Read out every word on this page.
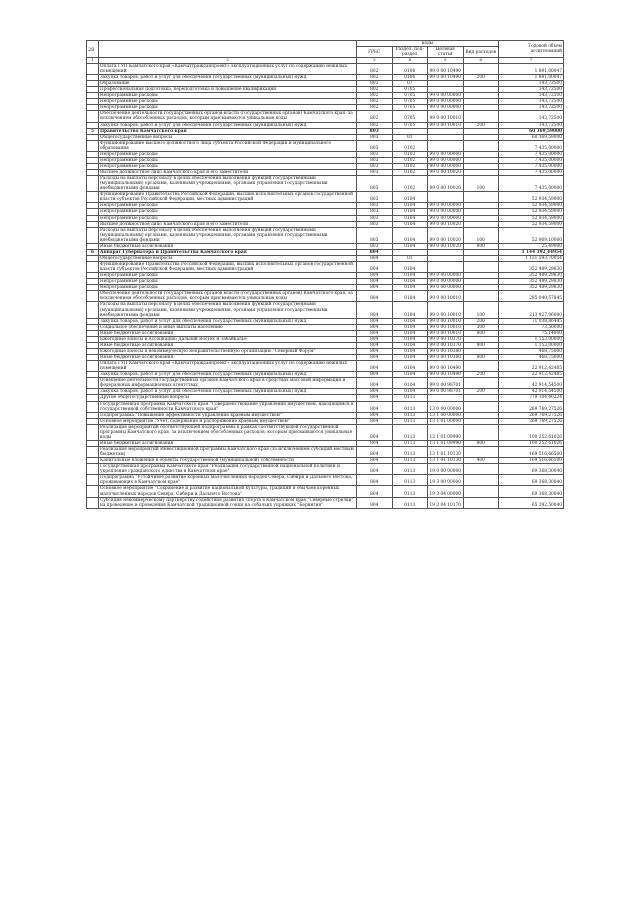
28
		коды				Годовой объем ассигнований
		ГРБС	Раздел, под-раздел	Целевая статья	Вид расходов	
1	2	3	4	5	6	7
	Оплата ГУП Камчатского края «Камчатгражданпроект» эксплуатационных услуг по содержанию нежилых помещений	802	0106	99 0 00 10490		1 891,00047
	Закупка товаров, работ и услуг для обеспечения государственных (муниципальных) нужд	802	0106	99 0 00 10490	200	1 891,00047
	Образование	802	07			143,72500
	Профессиональная подготовка, переподготовка и повышение квалификации	802	0705			143,72500
	Непрограммные расходы	802	0705	99 0 00 00000		143,72500
	Непрограммные расходы	802	0705	99 0 00 00000		143,72500
	Непрограммные расходы	802	0705	99 0 00 00000		143,72500
	Обеспечение деятельности государственных органов власти (государственных органов) Камчатского края, за исключением обособленных расходов, которым присваиваются уникальные коды	802	0705	99 0 00 10010		143,72500
	Закупка товаров, работ и услуг для обеспечения государственных (муниципальных) нужд	802	0705	99 0 00 10010	200	143,72500
5	Правительство Камчатского края	803				60 369,59000
	Общегосударственные вопросы	803	01			60 369,59000
	Функционирование высшего должностного лица субъекта Российской Федерации и муниципального образования	803	0102			7 435,00000
	Непрограммные расходы	803	0102	99 0 00 00000		7 435,00000
	Непрограммные расходы	803	0102	99 0 00 00000		7 435,00000
	Непрограммные расходы	803	0102	99 0 00 00000		7 435,00000
	Высшее должностное лицо Камчатского края и его заместители	803	0102	99 0 00 10020		7 435,00000
	Расходы на выплаты персоналу в целях обеспечения выполнения функций государственными (муниципальными) органами, казенными учреждениями, органами управления государственными внебюджетными фондами	803	0102	99 0 00 10020	100	7 435,00000
	Функционирование Правительства Российской Федерации, высших исполнительных органов государственной власти субъектов Российской Федерации, местных администраций	803	0104			52 934,59000
	Непрограммные расходы	803	0104	99 0 00 00000		52 934,59000
	Непрограммные расходы	803	0104	99 0 00 00000		52 934,59000
	Непрограммные расходы	803	0104	99 0 00 00000		52 934,59000
	Высшее должностное лицо Камчатского края и его заместители	803	0104	99 0 00 10020		52 934,59000
	Расходы на выплаты персоналу в целях обеспечения выполнения функций государственными (муниципальными) органами, казенными учреждениями, органами управления государственными внебюджетными фондами	803	0104	99 0 00 10020	100	52 909,10000
	Иные бюджетные ассигнования	803	0104	99 0 00 10020	800	25,49000
6	Аппарат Губернатора и Правительства Камчатского края	804				1 144 392,44954
	Общегосударственные вопросы	804	01			1 131 593,70054
	Функционирование Правительства Российской Федерации, высших исполнительных органов государственной власти субъектов Российской Федерации, местных администраций	804	0104			352 489,29830
	Непрограммные расходы	804	0104	99 0 00 00000		352 489,29830
	Непрограммные расходы	804	0104	99 0 00 00000		352 489,29830
	Непрограммные расходы	804	0104	99 0 00 00000		352 489,29830
	Обеспечение деятельности государственных органов власти (государственных органов) Камчатского края, за исключением обособленных расходов, которым присваиваются уникальные коды	804	0104	99 0 00 10010		285 040,57845
	Расходы на выплаты персоналу в целях обеспечения выполнения функций государственными (муниципальными) органами, казенными учреждениями, органами управления государственными внебюджетными фондами	804	0104	99 0 00 10010	100	213 927,06000
	Закупка товаров, работ и услуг для обеспечения государственных (муниципальных) нужд	804	0104	99 0 00 10010	200	71 038,86445
	Социальное обеспечение и иные выплаты населению	804	0104	99 0 00 10010	300	73,50000
	Иные бюджетные ассигнования	804	0104	99 0 00 10010	800	75,14800
	Ежегодные взносы в Ассоциацию Дальний Восток и Забайкалье	804	0104	99 0 00 10370		1 153,00000
	Иные бюджетные ассигнования	804	0104	99 0 00 10370	800	1 153,00000
	Ежегодные взносы в некоммерческую неправительственную организацию "Северный Форум"	804	0104	99 0 00 10380		468,75000
	Иные бюджетные ассигнования	804	0104	99 0 00 10380	800	468,75000
	Оплата ГУП Камчатского края «Камчатгражданпроект» эксплуатационных услуг по содержанию нежилых помещений	804	0104	99 0 00 10490		22 912,42485
	Закупка товаров, работ и услуг для обеспечения государственных (муниципальных) нужд	804	0104	99 0 00 10490	200	22 912,42485
	Освещение деятельности государственных органов Камчатского края в средствах массовой информации и федеральных информационных агентствах	804	0104	99 0 00 98701		42 914,54500
	Закупка товаров, работ и услуг для обеспечения государственных (муниципальных) нужд	804	0104	99 0 00 98701	200	42 914,54500
	Другие общегосударственные вопросы	804	0113			779 104,40224
	Государственная программа Камчатского края "Совершенствование управления имуществом, находящимся в государственной собственности Камчатского края"	804	0113	13 0 00 00000		269 769,27526
	Подпрограмма "Повышение эффективности управления краевым имуществом"	804	0113	13 1 00 00000		269 769,27526
	Основное мероприятие "Учет, содержание и распоряжение краевым имуществом"	804	0113	13 1 01 00000		269 769,27526
	Реализация мероприятий соответствующей подпрограммы в рамках соответствующей государственной программы Камчатского края, за исключением обособленных расходов, которым присваиваются уникальные коды	804	0113	13 1 01 09990		100 252,61026
	Иные бюджетные ассигнования	804	0113	13 1 01 09990	800	100 252,61026
	Реализация мероприятий Инвестиционной программы Камчатского края (за исключением субсидий местным бюджетам)	804	0113	13 1 01 10130		169 516,66500
	Капитальные вложения в объекты государственной (муниципальной) собственности	804	0113	13 1 01 10130	400	169 516,66500
	Государственная программа Камчатского края "Реализация государственной национальной политики и укрепление гражданского единства в Камчатском крае"	804	0113	19 0 00 00000		69 368,30040
	Подпрограмма "Устойчивое развитие коренных малочисленных народов Севера, Сибири и Дальнего Востока, проживающих в Камчатском крае"	804	0113	19 3 00 00000		69 368,30040
	Основное мероприятие "Сохранение и развитие национальной культуры, традиций и обычаев коренных малочисленных народов Севера, Сибири и Дальнего Востока"	804	0113	19 3 04 00000		69 368,30040
	Субсидия некоммерческому партнерству содействия развития спорта в Камчатском крае "Северные стрелки" на проведение и проведения Камчатской традиционной гонки на собачьих упряжках "Берингия"	804	0113	19 3 04 10170		65 292,50040
